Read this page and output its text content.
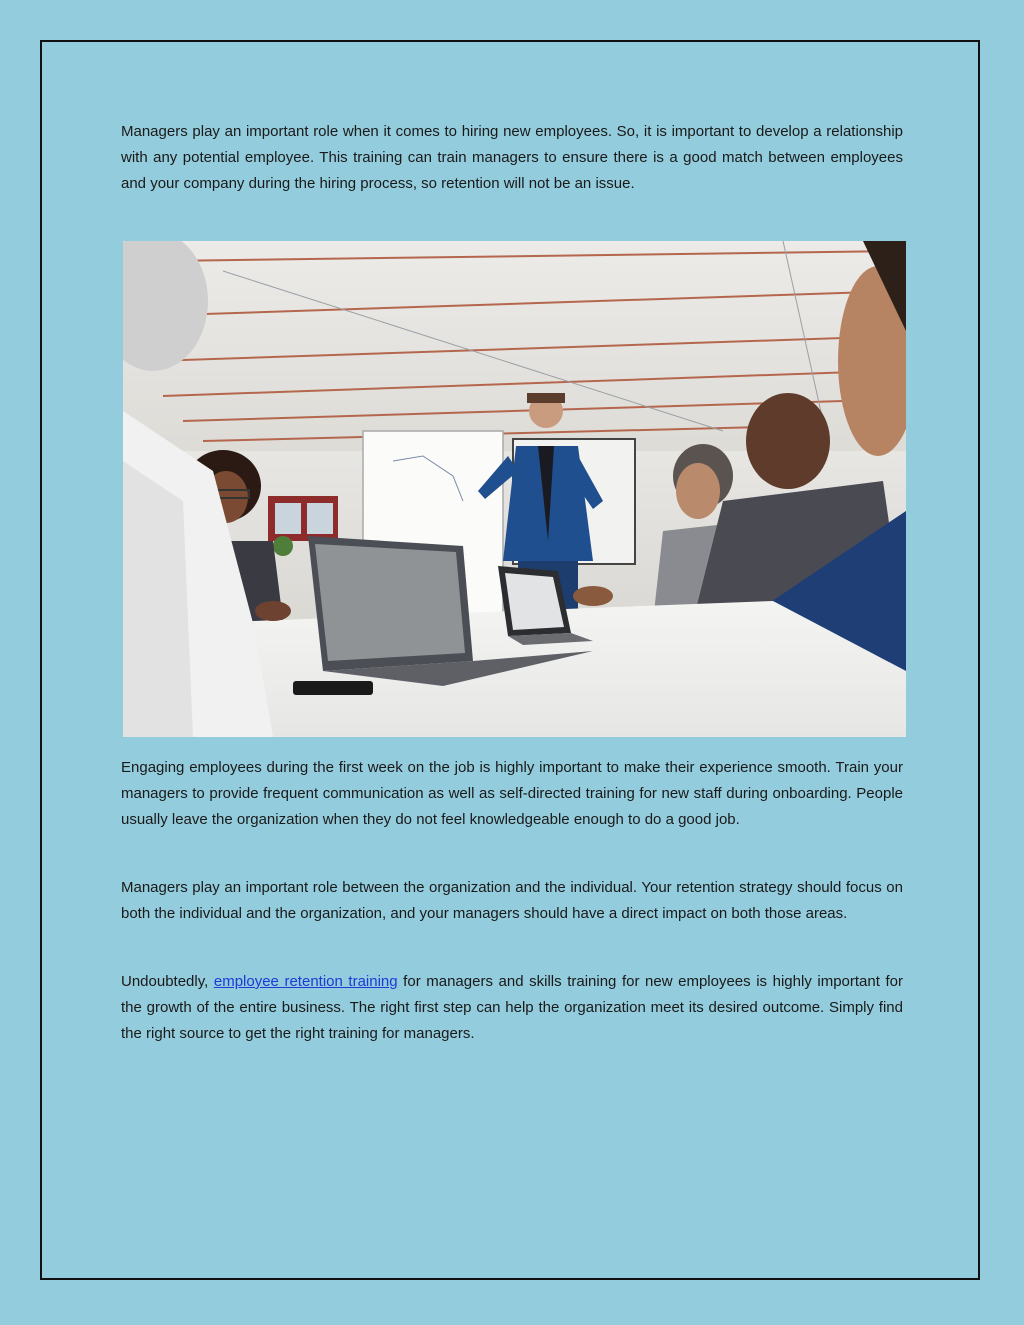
Managers play an important role when it comes to hiring new employees. So, it is important to develop a relationship with any potential employee. This training can train managers to ensure there is a good match between employees and your company during the hiring process, so retention will not be an issue.

Engaging employees during the first week on the job is highly important to make their experience smooth. Train your managers to provide frequent communication as well as self-directed training for new staff during onboarding. People usually leave the organization when they do not feel knowledgeable enough to do a good job.

Managers play an important role between the organization and the individual. Your retention strategy should focus on both the individual and the organization, and your managers should have a direct impact on both those areas.

Undoubtedly, employee retention training for managers and skills training for new employees is highly important for the growth of the entire business. The right first step can help the organization meet its desired outcome. Simply find the right source to get the right training for managers.
